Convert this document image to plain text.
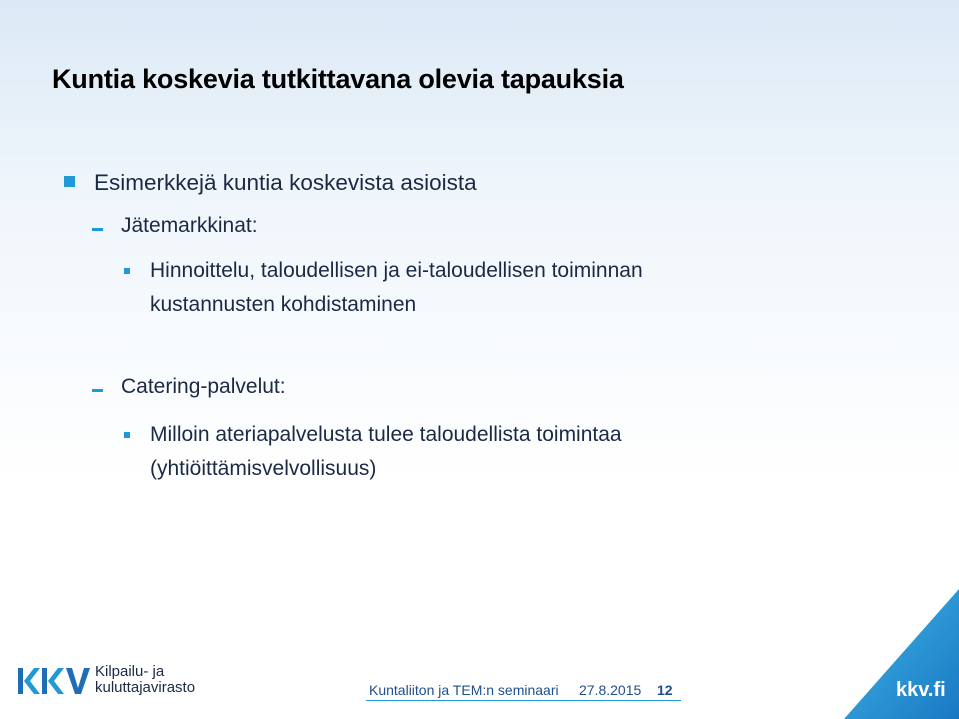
Kuntia koskevia tutkittavana olevia tapauksia
Esimerkkejä kuntia koskevista asioista
Jätemarkkinat:
Hinnoittelu, taloudellisen ja ei-taloudellisen toiminnan
kustannusten kohdistaminen
Catering-palvelut:
Milloin ateriapalvelusta tulee taloudellista toimintaa
(yhtiöittämisvelvollisuus)
Kilpailu- ja
kuluttajavirasto	Kuntaliiton ja TEM:n seminaari 27.8.2015 12	kkv.fi
